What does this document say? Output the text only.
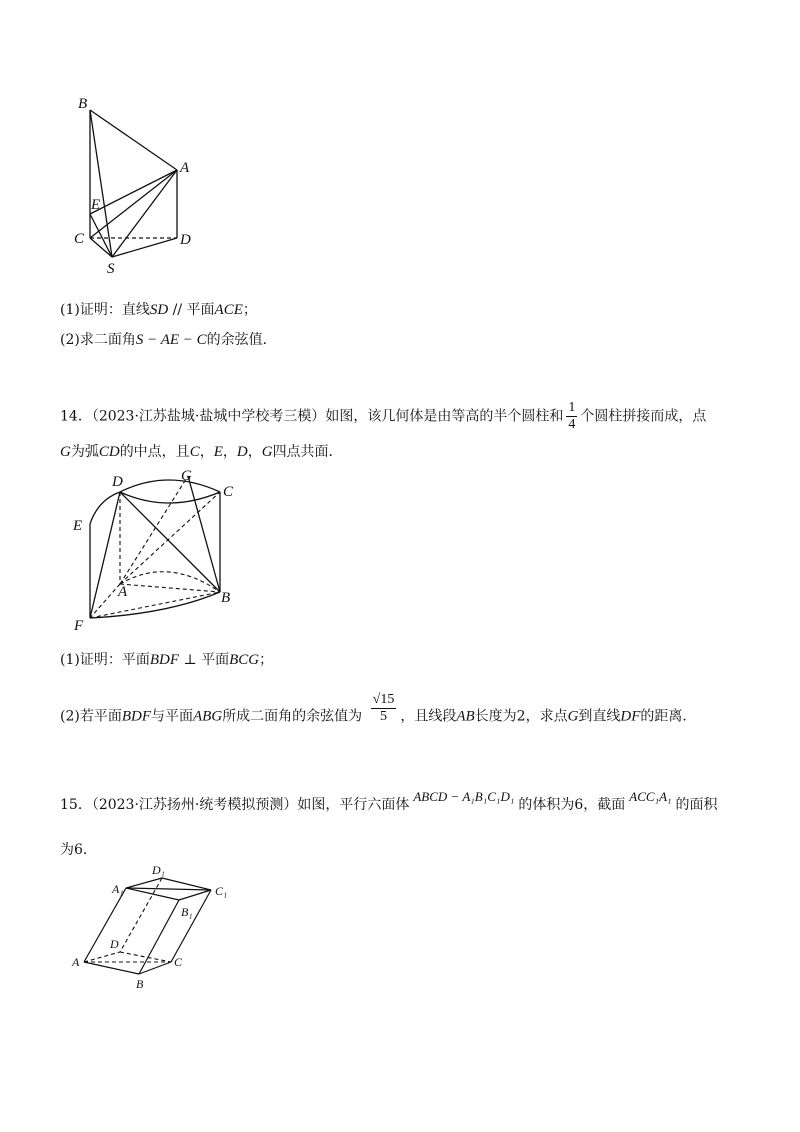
B
A
E
C	D
S
(1)证明：直线SD // 平面ACE；
(2)求二面角S − AE − C的余弦值．
14．（2023·江苏盐城·盐城中学校考三模）如图，该几何体是由等高的半个圆柱和 $\frac{1}{4}$ 个圆柱拼接而成，点
G为弧CD的中点，且C，E，D，G四点共面．
D	G
C
E
A	B
F
(1)证明：平面BDF ⊥ 平面BCG；
(2)若平面BDF与平面ABG所成二面角的余弦值为 $\frac{√15}{5}$ ，且线段AB长度为2，求点G到直线DF的距离．
15．（2023·江苏扬州·统考模拟预测）如图，平行六面体ABCD − A₁B₁C₁D₁的体积为6，截面ACC₁A₁的面积
为6．
D₁
A₁	C₁
B₁
D
A	C
B
